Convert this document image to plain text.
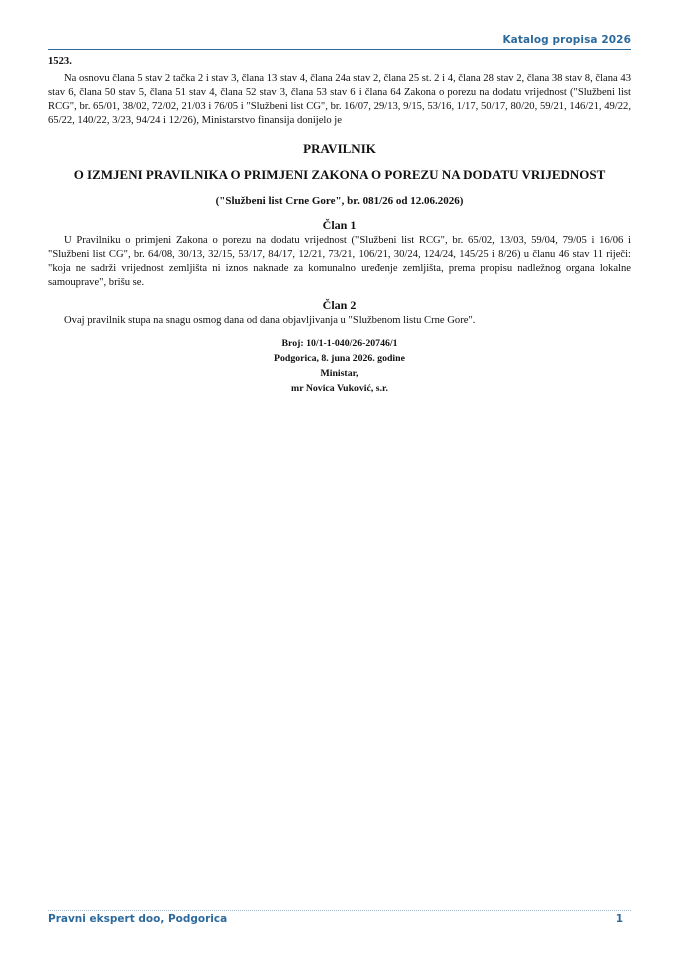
Katalog propisa 2026

1523.

Na osnovu člana 5 stav 2 tačka 2 i stav 3, člana 13 stav 4, člana 24a stav 2, člana 25 st. 2 i 4, člana 28 stav 2, člana 38 stav 8, člana 43 stav 6, člana 50 stav 5, člana 51 stav 4, člana 52 stav 3, člana 53 stav 6 i člana 64 Zakona o porezu na dodatu vrijednost ("Službeni list RCG", br. 65/01, 38/02, 72/02, 21/03 i 76/05 i "Službeni list CG", br. 16/07, 29/13, 9/15, 53/16, 1/17, 50/17, 80/20, 59/21, 146/21, 49/22, 65/22, 140/22, 3/23, 94/24 i 12/26), Ministarstvo finansija donijelo je

PRAVILNIK
O IZMJENI PRAVILNIKA O PRIMJENI ZAKONA O POREZU NA DODATU VRIJEDNOST
("Službeni list Crne Gore", br. 081/26 od 12.06.2026)
Član 1

U Pravilniku o primjeni Zakona o porezu na dodatu vrijednost ("Službeni list RCG", br. 65/02, 13/03, 59/04, 79/05 i 16/06 i "Službeni list CG", br. 64/08, 30/13, 32/15, 53/17, 84/17, 12/21, 73/21, 106/21, 30/24, 124/24, 145/25 i 8/26) u članu 46 stav 11 riječi: "koja ne sadrži vrijednost zemljišta ni iznos naknade za komunalno uređenje zemljišta, prema propisu nadležnog organa lokalne samouprave", brišu se.

Član 2

Ovaj pravilnik stupa na snagu osmog dana od dana objavljivanja u "Službenom listu Crne Gore".

Broj: 10/1-1-040/26-20746/1

Podgorica, 8. juna 2026. godine

Ministar,

mr Novica Vuković, s.r.

Pravni ekspert doo, Podgorica	1
